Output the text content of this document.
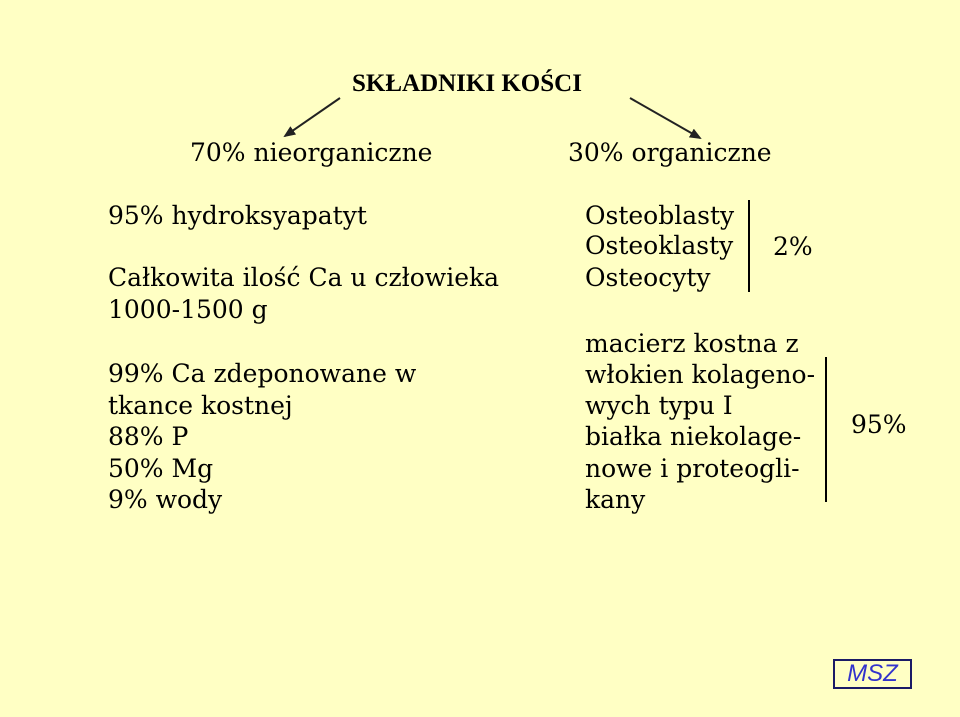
SKŁADNIKI KOŚCI
70% nieorganiczne
95% hydroksyapatyt
Całkowita ilość Ca u człowieka
1000-1500 g
99% Ca zdeponowane w
tkance kostnej
88% P
50% Mg
9% wody
30% organiczne
Osteoblasty
Osteoklasty
Osteocyty
2%
macierz kostna z
włokien kolageno-
wych typu I
białka niekolage-
nowe i proteogli-
kany
95%
MSZ
